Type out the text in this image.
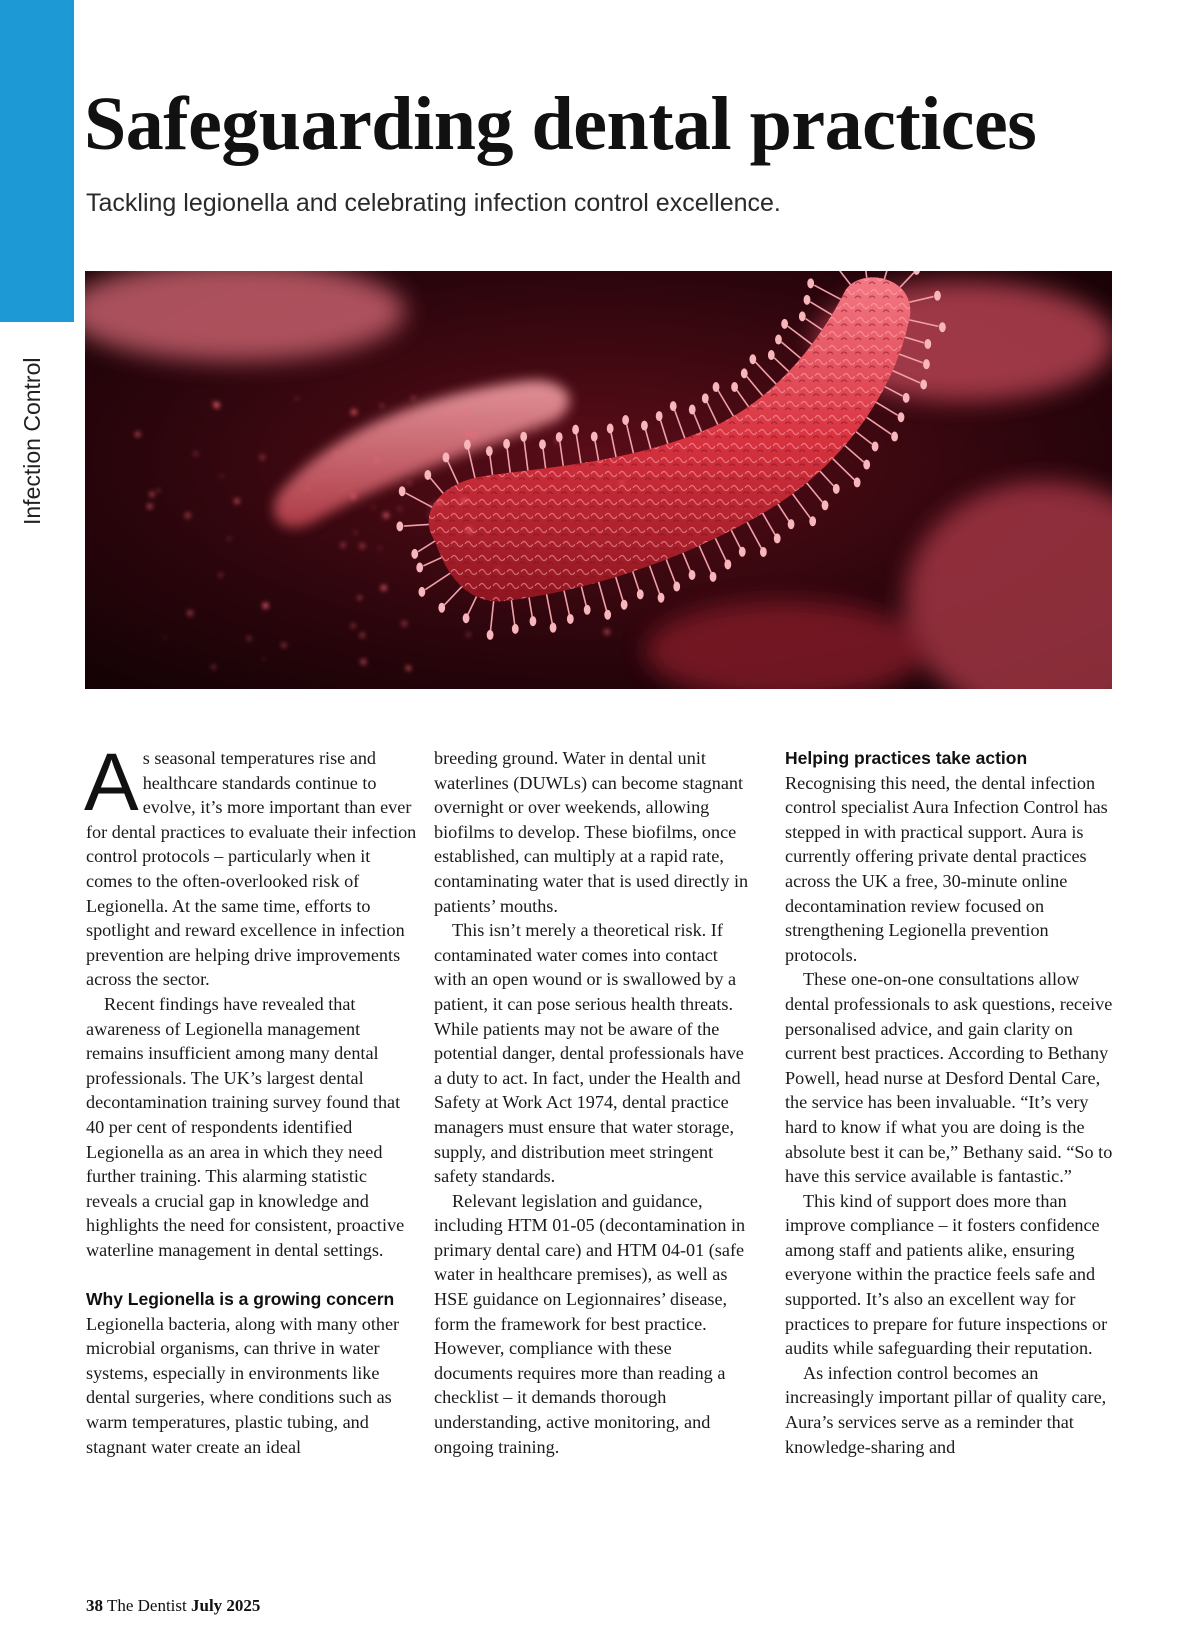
Infection Control
Safeguarding dental practices
Tackling legionella and celebrating infection control excellence.
A s seasonal temperatures rise and healthcare standards continue to evolve, it’s more important than ever for dental practices to evaluate their infection control protocols – particularly when it comes to the often-overlooked risk of Legionella. At the same time, efforts to spotlight and reward excellence in infection prevention are helping drive improvements across the sector.

Recent findings have revealed that awareness of Legionella management remains insufficient among many dental professionals. The UK’s largest dental decontamination training survey found that 40 per cent of respondents identified Legionella as an area in which they need further training. This alarming statistic reveals a crucial gap in knowledge and highlights the need for consistent, proactive waterline management in dental settings.

Why Legionella is a growing concern

Legionella bacteria, along with many other microbial organisms, can thrive in water systems, especially in environments like dental surgeries, where conditions such as warm temperatures, plastic tubing, and stagnant water create an ideal

breeding ground. Water in dental unit waterlines (DUWLs) can become stagnant overnight or over weekends, allowing biofilms to develop. These biofilms, once established, can multiply at a rapid rate, contaminating water that is used directly in patients’ mouths.

This isn’t merely a theoretical risk. If contaminated water comes into contact with an open wound or is swallowed by a patient, it can pose serious health threats. While patients may not be aware of the potential danger, dental professionals have a duty to act. In fact, under the Health and Safety at Work Act 1974, dental practice managers must ensure that water storage, supply, and distribution meet stringent safety standards.

Relevant legislation and guidance, including HTM 01-05 (decontamination in primary dental care) and HTM 04-01 (safe water in healthcare premises), as well as HSE guidance on Legionnaires’ disease, form the framework for best practice. However, compliance with these documents requires more than reading a checklist – it demands thorough understanding, active monitoring, and ongoing training.

Helping practices take action

Recognising this need, the dental infection control specialist Aura Infection Control has stepped in with practical support. Aura is currently offering private dental practices across the UK a free, 30-minute online decontamination review focused on strengthening Legionella prevention protocols.

These one-on-one consultations allow dental professionals to ask questions, receive personalised advice, and gain clarity on current best practices. According to Bethany Powell, head nurse at Desford Dental Care, the service has been invaluable. “It’s very hard to know if what you are doing is the absolute best it can be,” Bethany said. “So to have this service available is fantastic.”

This kind of support does more than improve compliance – it fosters confidence among staff and patients alike, ensuring everyone within the practice feels safe and supported. It’s also an excellent way for practices to prepare for future inspections or audits while safeguarding their reputation.

As infection control becomes an increasingly important pillar of quality care, Aura’s services serve as a reminder that knowledge-sharing and

38 The Dentist July 2025
